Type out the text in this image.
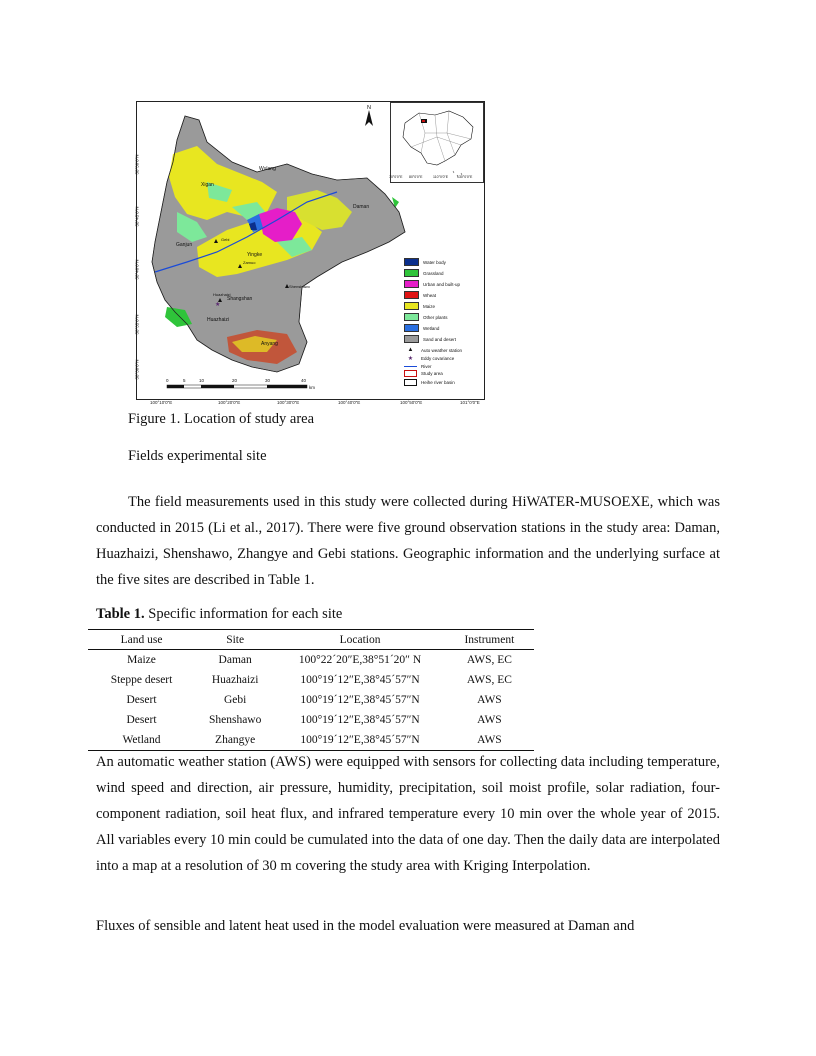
★
N
Wulang
Xigan
Daman
Ganjun
Gebi
Yingke
Zamuo
Huazhaizi
Shangshan
Shenshawo
Huazhaizi
Anyang
38°50'0"N
38°45'0"N
38°40'0"N
38°35'0"N
38°30'0"N
0	5	10	20	30	40
km
70°0'0"E 80°0'0"E	110°0'0"E	130°0'0"E
Water body
Grassland
Urban and built-up
Wheat
Maize
Other plants
Wetland
Sand and desert
▲	Auto weather station
★	Eddy covariance
River
Study area
Heihe river basin
100°10'0"E	100°20'0"E	100°30'0"E	100°40'0"E	100°50'0"E	101°0'0"E
Figure 1. Location of study area
Fields experimental site

The field measurements used in this study were collected during HiWATER-MUSOEXE, which was conducted in 2015 (Li et al., 2017). There were five ground observation stations in the study area: Daman, Huazhaizi, Shenshawo, Zhangye and Gebi stations. Geographic information and the underlying surface at the five sites are described in Table 1.

Table 1. Specific information for each site
Land use	Site	Location	Instrument
Maize	Daman	100°22´20″E,38°51´20″ N	AWS, EC
Steppe desert	Huazhaizi	100°19´12″E,38°45´57″N	AWS, EC
Desert	Gebi	100°19´12″E,38°45´57″N	AWS
Desert	Shenshawo	100°19´12″E,38°45´57″N	AWS
Wetland	Zhangye	100°19´12″E,38°45´57″N	AWS

An automatic weather station (AWS) were equipped with sensors for collecting data including temperature, wind speed and direction, air pressure, humidity, precipitation, soil moist profile, solar radiation, four-component radiation, soil heat flux, and infrared temperature every 10 min over the whole year of 2015. All variables every 10 min could be cumulated into the data of one day. Then the daily data are interpolated into a map at a resolution of 30 m covering the study area with Kriging Interpolation.

Fluxes of sensible and latent heat used in the model evaluation were measured at Daman and
